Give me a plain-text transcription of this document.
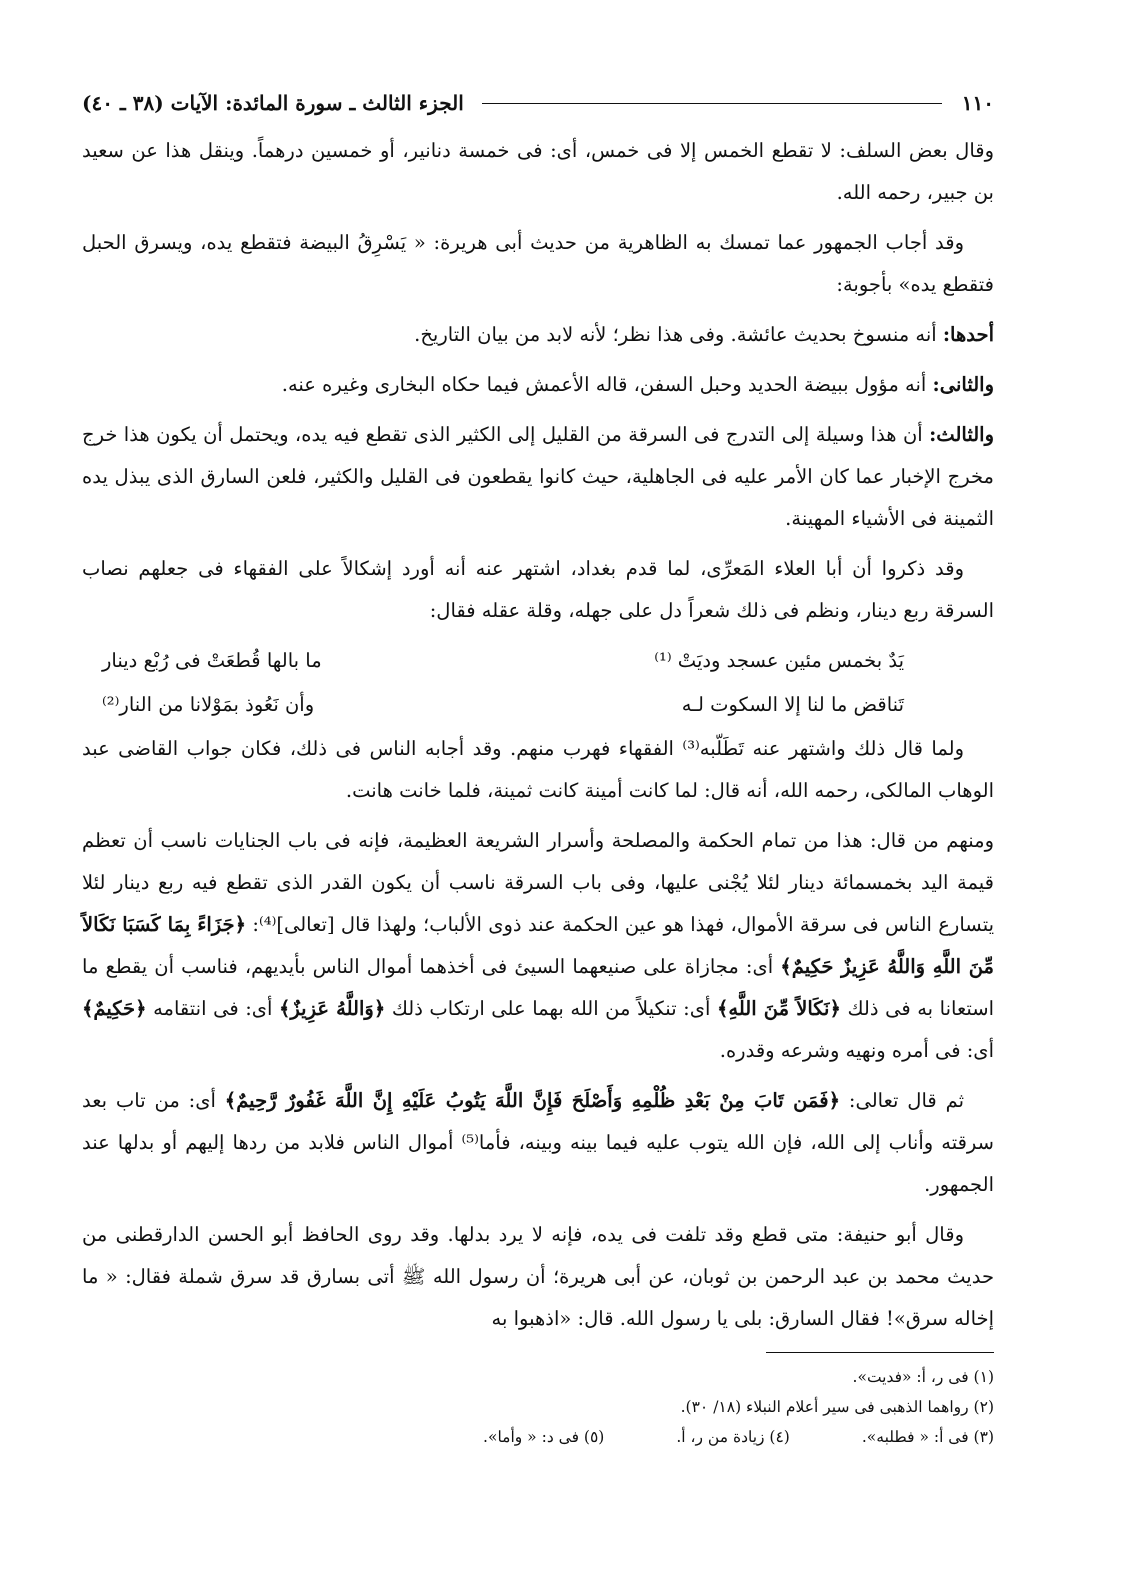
١١٠
الجزء الثالث ـ سورة المائدة: الآيات (٣٨ ـ ٤٠)

وقال بعض السلف: لا تقطع الخمس إلا فى خمس، أى: فى خمسة دنانير، أو خمسين درهماً. وينقل هذا عن سعيد بن جبير، رحمه الله.

وقد أجاب الجمهور عما تمسك به الظاهرية من حديث أبى هريرة: « يَسْرِقُ البيضة فتقطع يده، ويسرق الحبل فتقطع يده» بأجوبة:

أحدها: أنه منسوخ بحديث عائشة. وفى هذا نظر؛ لأنه لابد من بيان التاريخ.

والثانى: أنه مؤول ببيضة الحديد وحبل السفن، قاله الأعمش فيما حكاه البخارى وغيره عنه.

والثالث: أن هذا وسيلة إلى التدرج فى السرقة من القليل إلى الكثير الذى تقطع فيه يده، ويحتمل أن يكون هذا خرج مخرج الإخبار عما كان الأمر عليه فى الجاهلية، حيث كانوا يقطعون فى القليل والكثير، فلعن السارق الذى يبذل يده الثمينة فى الأشياء المهينة.

وقد ذكروا أن أبا العلاء المَعرِّى، لما قدم بغداد، اشتهر عنه أنه أورد إشكالاً على الفقهاء فى جعلهم نصاب السرقة ربع دينار، ونظم فى ذلك شعراً دل على جهله، وقلة عقله فقال:

يَدٌ بخمس مئين عسجد وديَتْ ⁽¹⁾
ما بالها قُطعَتْ فى رُبْع دينار
تَناقض ما لنا إلا السكوت لـه
وأن نَعُوذ بمَوْلانا من النار⁽²⁾

ولما قال ذلك واشتهر عنه تَطَلّبه⁽³⁾ الفقهاء فهرب منهم. وقد أجابه الناس فى ذلك، فكان جواب القاضى عبد الوهاب المالكى، رحمه الله، أنه قال: لما كانت أمينة كانت ثمينة، فلما خانت هانت.

ومنهم من قال: هذا من تمام الحكمة والمصلحة وأسرار الشريعة العظيمة، فإنه فى باب الجنايات ناسب أن تعظم قيمة اليد بخمسمائة دينار لئلا يُجْنى عليها، وفى باب السرقة ناسب أن يكون القدر الذى تقطع فيه ربع دينار لئلا يتسارع الناس فى سرقة الأموال، فهذا هو عين الحكمة عند ذوى الألباب؛ ولهذا قال [تعالى]⁽⁴⁾: ﴿جَزَاءً بِمَا كَسَبَا نَكَالاً مِّنَ اللَّهِ وَاللَّهُ عَزِيزٌ حَكِيمٌ﴾ أى: مجازاة على صنيعهما السيئ فى أخذهما أموال الناس بأيديهم، فناسب أن يقطع ما استعانا به فى ذلك ﴿نَكَالاً مِّنَ اللَّهِ﴾ أى: تنكيلاً من الله بهما على ارتكاب ذلك ﴿وَاللَّهُ عَزِيزٌ﴾ أى: فى انتقامه ﴿حَكِيمٌ﴾ أى: فى أمره ونهيه وشرعه وقدره.

ثم قال تعالى: ﴿فَمَن تَابَ مِنْ بَعْدِ ظُلْمِهِ وَأَصْلَحَ فَإِنَّ اللَّهَ يَتُوبُ عَلَيْهِ إِنَّ اللَّهَ غَفُورٌ رَّحِيمٌ﴾ أى: من تاب بعد سرقته وأناب إلى الله، فإن الله يتوب عليه فيما بينه وبينه، فأما⁽⁵⁾ أموال الناس فلابد من ردها إليهم أو بدلها عند الجمهور.

وقال أبو حنيفة: متى قطع وقد تلفت فى يده، فإنه لا يرد بدلها. وقد روى الحافظ أبو الحسن الدارقطنى من حديث محمد بن عبد الرحمن بن ثوبان، عن أبى هريرة؛ أن رسول الله ﷺ أتى بسارق قد سرق شملة فقال: « ما إخاله سرق»! فقال السارق: بلى يا رسول الله. قال: «اذهبوا به

(١) فى ر، أ: «فديت».

(٢) رواهما الذهبى فى سير أعلام النبلاء (١٨/ ٣٠).

(٣) فى أ: « فطلبه».

(٤) زيادة من ر، أ.

(٥) فى د: « وأما».
